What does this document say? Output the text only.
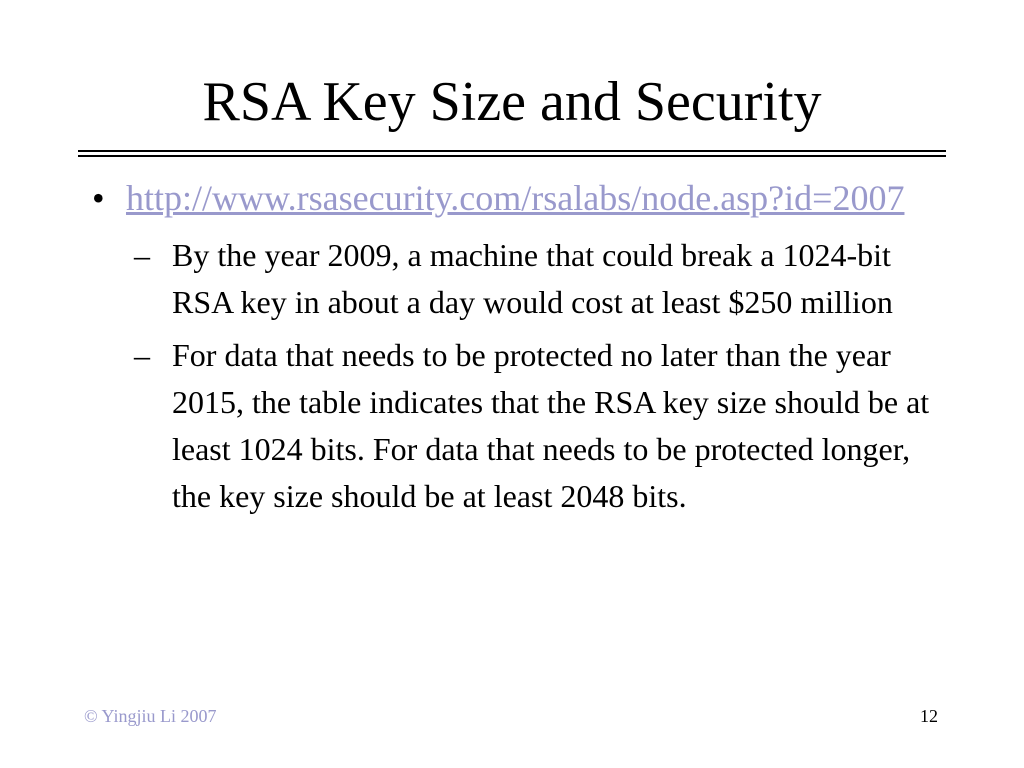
RSA Key Size and Security
• http://www.rsasecurity.com/rsalabs/node.asp?id=2007
– By the year 2009, a machine that could break a 1024-bit RSA key in about a day would cost at least $250 million
– For data that needs to be protected no later than the year 2015, the table indicates that the RSA key size should be at least 1024 bits. For data that needs to be protected longer, the key size should be at least 2048 bits.
© Yingjiu Li 2007	12
